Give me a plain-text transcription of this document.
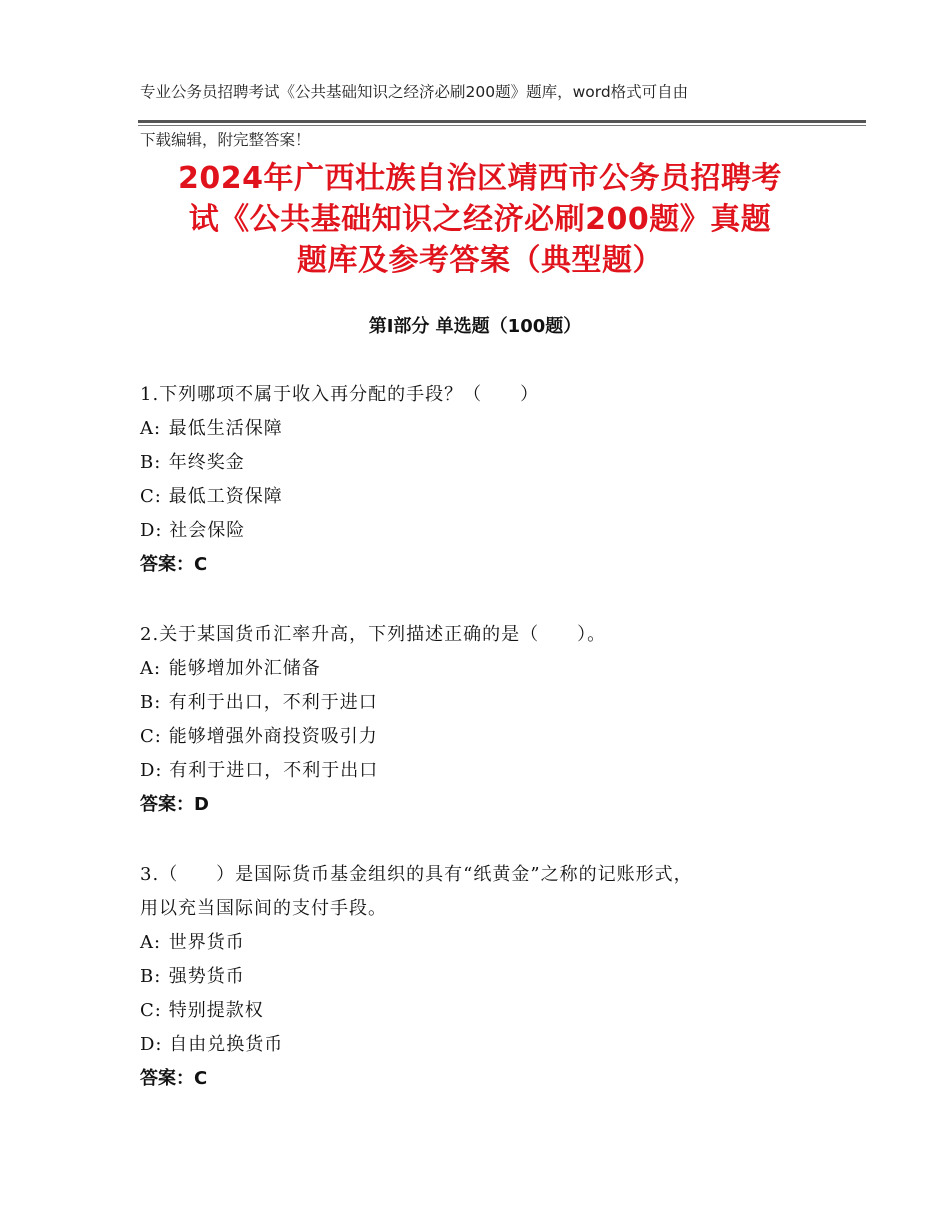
专业公务员招聘考试《公共基础知识之经济必刷200题》题库，word格式可自由

下载编辑，附完整答案！

2024年广西壮族自治区靖西市公务员招聘考
试《公共基础知识之经济必刷200题》真题
题库及参考答案（典型题）
第Ⅰ部分 单选题（100题）

1.下列哪项不属于收入再分配的手段？（　　）

A: 最低生活保障

B: 年终奖金

C: 最低工资保障

D: 社会保险

答案：C

2.关于某国货币汇率升高，下列描述正确的是（　　）。

A: 能够增加外汇储备

B: 有利于出口，不利于进口

C: 能够增强外商投资吸引力

D: 有利于进口，不利于出口

答案：D

3.（　　）是国际货币基金组织的具有“纸黄金”之称的记账形式，

用以充当国际间的支付手段。

A: 世界货币

B: 强势货币

C: 特别提款权

D: 自由兑换货币

答案：C
